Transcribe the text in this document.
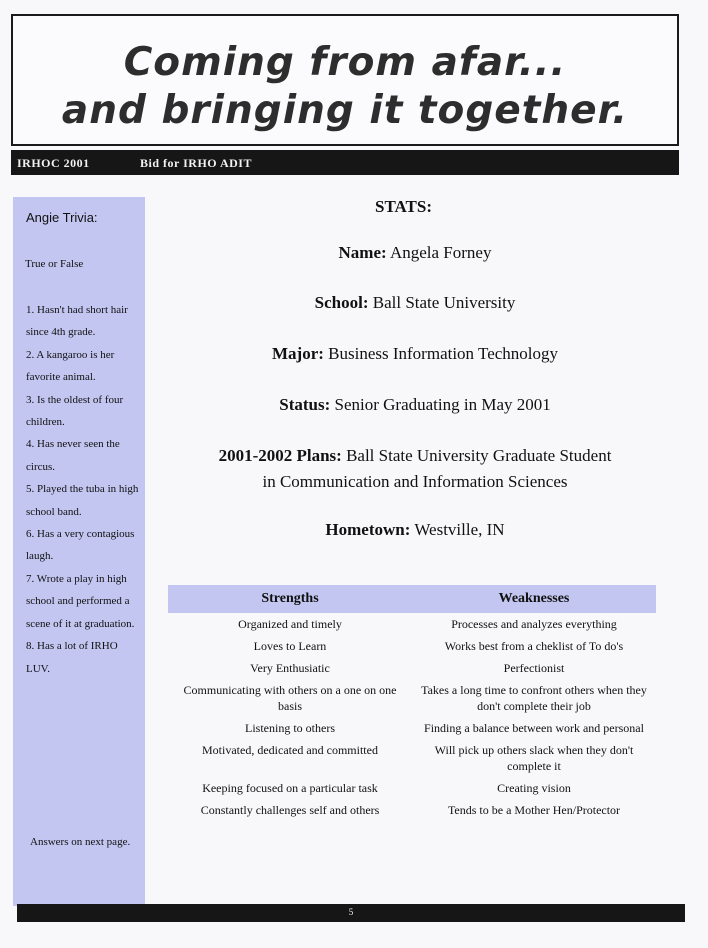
Coming from afar...
and bringing it together.
IRHOC 2001	Bid for IRHO ADIT
Angie Trivia:
True or False
1. Hasn't had short hair since 4th grade.
2. A kangaroo is her favorite animal.
3. Is the oldest of four children.
4. Has never seen the circus.
5. Played the tuba in high school band.
6. Has a very contagious laugh.
7. Wrote a play in high school and performed a scene of it at graduation.
8. Has a lot of IRHO LUV.
Answers on next page.
STATS:
Name: Angela Forney
School: Ball State University
Major: Business Information Technology
Status: Senior Graduating in May 2001
2001-2002 Plans: Ball State University Graduate Student
in Communication and Information Sciences
Hometown: Westville, IN
Strengths	Weaknesses
Organized and timely	Processes and analyzes everything
Loves to Learn	Works best from a cheklist of To do's
Very Enthusiatic	Perfectionist
Communicating with others on a one on one basis	Takes a long time to confront others when they don't complete their job
Listening to others	Finding a balance between work and personal
Motivated, dedicated and committed	Will pick up others slack when they don't complete it
Keeping focused on a particular task	Creating vision
Constantly challenges self and others	Tends to be a Mother Hen/Protector
5
